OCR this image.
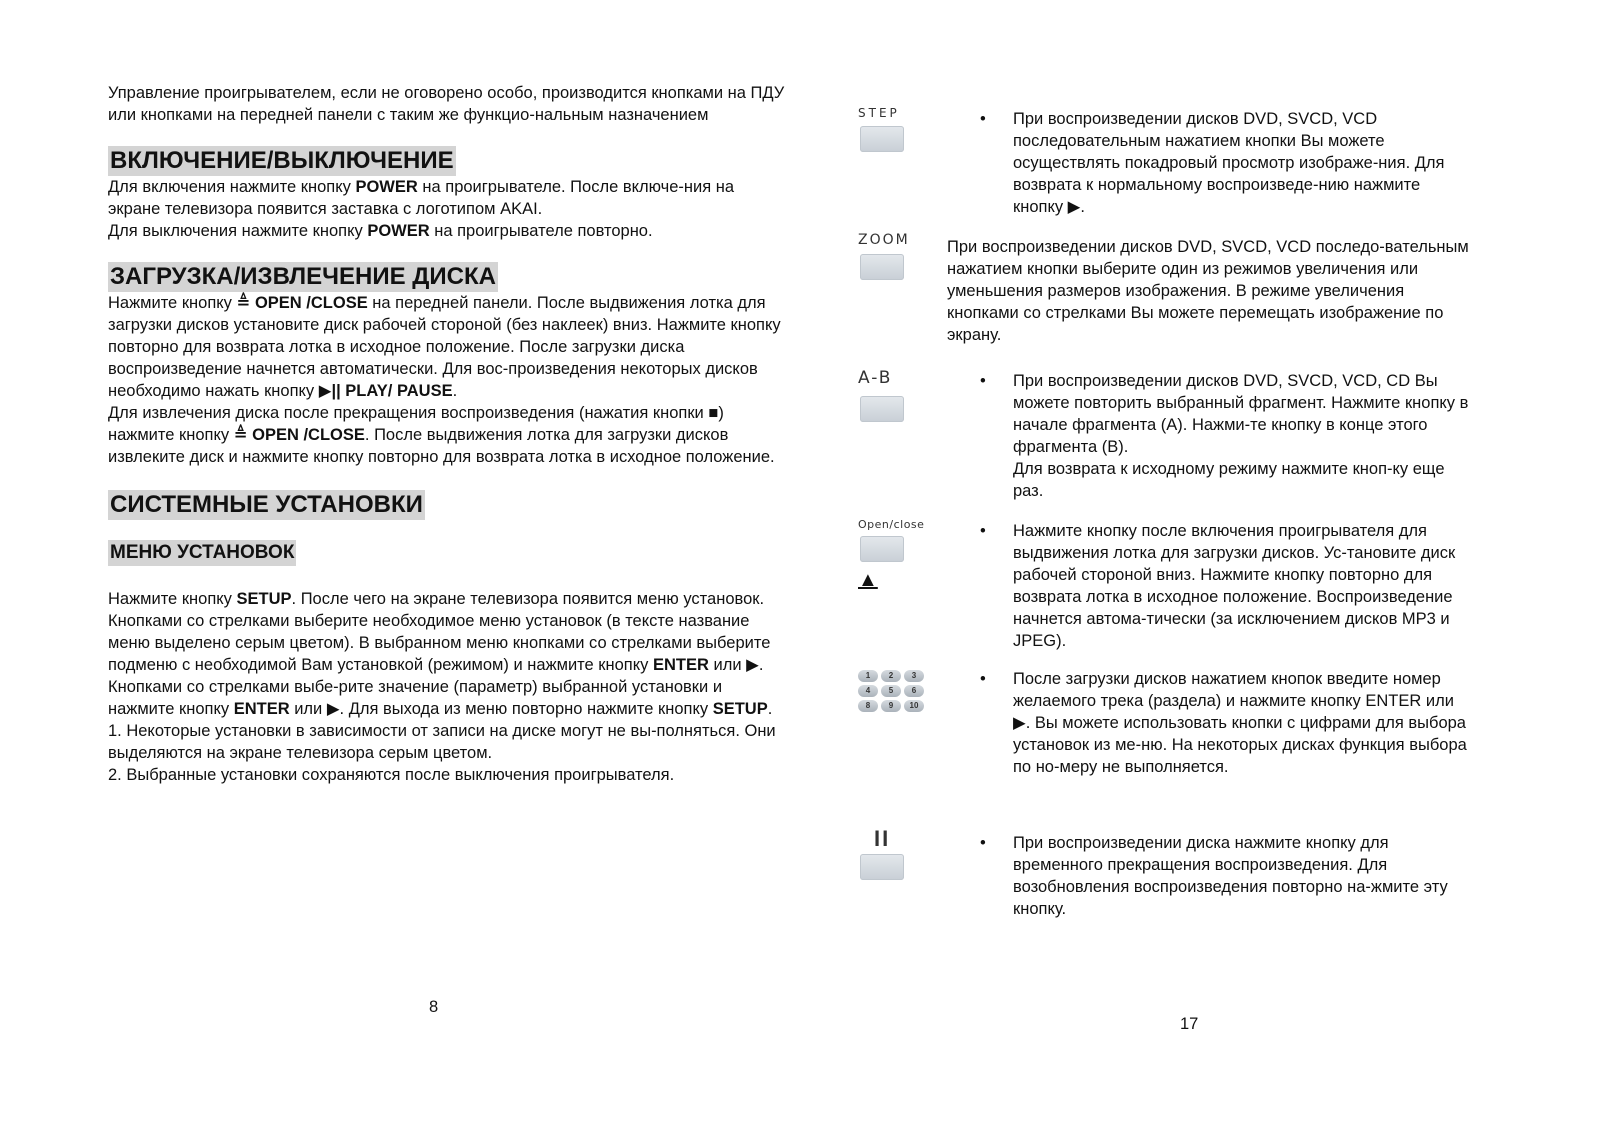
Управление проигрывателем, если не оговорено особо, производится кнопками на ПДУ или кнопками на передней панели с таким же функцио-нальным назначением

ВКЛЮЧЕНИЕ/ВЫКЛЮЧЕНИЕ

Для включения нажмите кнопку POWER на проигрывателе. После включе-ния на экране телевизора появится заставка с логотипом AKAI.
Для выключения нажмите кнопку POWER на проигрывателе повторно.

ЗАГРУЗКА/ИЗВЛЕЧЕНИЕ ДИСКА

Нажмите кнопку ≜ OPEN /CLOSE на передней панели. После выдвижения лотка для загрузки дисков установите диск рабочей стороной (без наклеек) вниз. Нажмите кнопку повторно для возврата лотка в исходное положение. После загрузки диска воспроизведение начнется автоматически. Для вос-произведения некоторых дисков необходимо нажать кнопку ▶|| PLAY/ PAUSE.
Для извлечения диска после прекращения воспроизведения (нажатия кнопки ■) нажмите кнопку ≜ OPEN /CLOSE. После выдвижения лотка для загрузки дисков извлеките диск и нажмите кнопку повторно для возврата лотка в исходное положение.

СИСТЕМНЫЕ УСТАНОВКИ
МЕНЮ УСТАНОВОК

Нажмите кнопку SETUP. После чего на экране телевизора появится меню установок. Кнопками со стрелками выберите необходимое меню установок (в тексте название меню выделено серым цветом). В выбранном меню кнопками со стрелками выберите подменю с необходимой Вам установкой (режимом) и нажмите кнопку ENTER или ▶. Кнопками со стрелками выбе-рите значение (параметр) выбранной установки и нажмите кнопку ENTER или ▶. Для выхода из меню повторно нажмите кнопку SETUP.

1. Некоторые установки в зависимости от записи на диске могут не вы-полняться. Они выделяются на экране телевизора серым цветом.

2. Выбранные установки сохраняются после выключения проигрывателя.

8
STEP	• При воспроизведении дисков DVD, SVCD, VCD последовательным нажатием кнопки Вы можете осуществлять покадровый просмотр изображе-ния. Для возврата к нормальному воспроизведе-нию нажмите кнопку ▶.
ZOOM При воспроизведении дисков DVD, SVCD, VCD последо-вательным нажатием кнопки выберите один из режимов увеличения или уменьшения размеров изображения. В режиме увеличения кнопками со стрелками Вы можете перемещать изображение по экрану.
A-B	• При воспроизведении дисков DVD, SVCD, VCD, CD Вы можете повторить выбранный фрагмент. Нажмите кнопку в начале фрагмента (А). Нажми-те кнопку в конце этого фрагмента (В).
Для возврата к исходному режиму нажмите кноп-ку еще раз.
Open/close
▲
• Нажмите кнопку после включения проигрывателя для выдвижения лотка для загрузки дисков. Ус-тановите диск рабочей стороной вниз. Нажмите кнопку повторно для возврата лотка в исходное положение. Воспроизведение начнется автома-тически (за исключением дисков MP3 и JPEG).
1	2	3
4	5	6
8	9	10
• После загрузки дисков нажатием кнопок введите номер желаемого трека (раздела) и нажмите кнопку ENTER или ▶. Вы можете использовать кнопки с цифрами для выбора установок из ме-ню. На некоторых дисках функция выбора по но-меру не выполняется.
II	• При воспроизведении диска нажмите кнопку для временного прекращения воспроизведения. Для возобновления воспроизведения повторно на-жмите эту кнопку.
17
